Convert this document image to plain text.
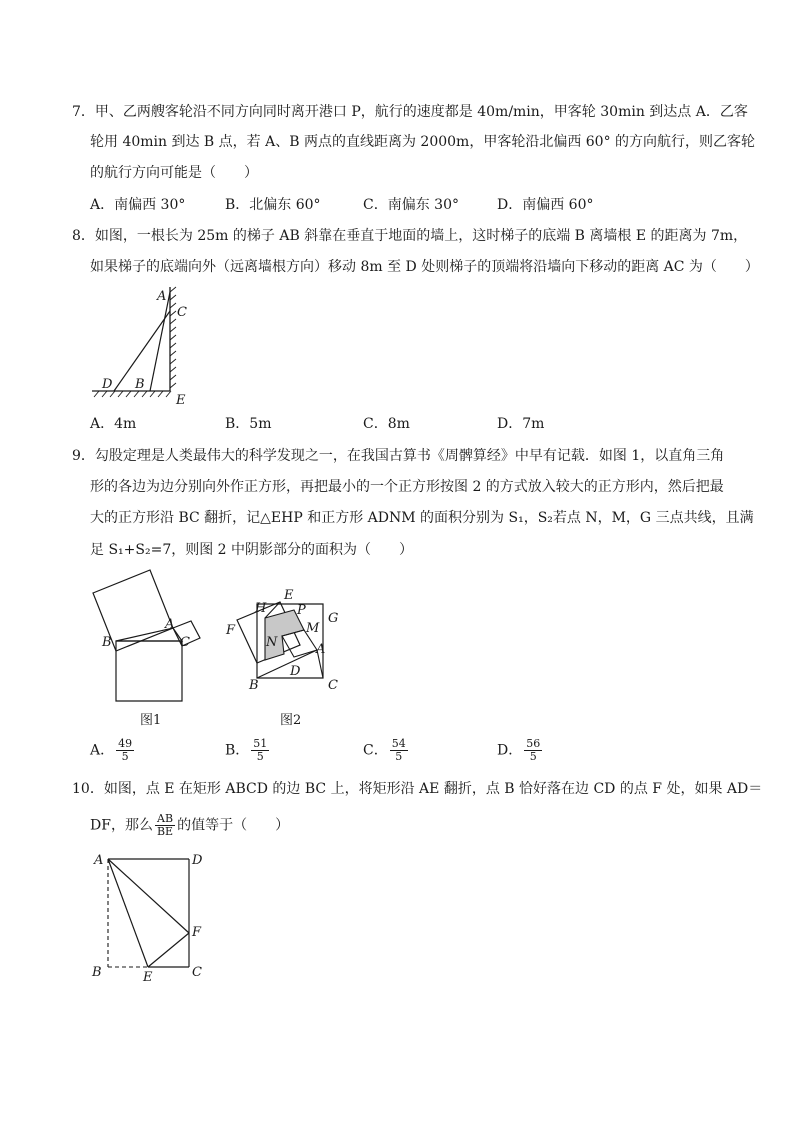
7．甲、乙两艘客轮沿不同方向同时离开港口 P，航行的速度都是 40m/min，甲客轮 30min 到达点 A．乙客
轮用 40min 到达 B 点，若 A、B 两点的直线距离为 2000m，甲客轮沿北偏西 60° 的方向航行，则乙客轮
的航行方向可能是（　　）
A．南偏西 30°	B．北偏东 60°	C．南偏东 30°	D．南偏西 60°
8．如图，一根长为 25m 的梯子 AB 斜靠在垂直于地面的墙上，这时梯子的底端 B 离墙根 E 的距离为 7m，
如果梯子的底端向外（远离墙根方向）移动 8m 至 D 处则梯子的顶端将沿墙向下移动的距离 AC 为（　　）
A
C
D B
E
A．4m	B．5m	C．8m	D．7m
9．勾股定理是人类最伟大的科学发现之一，在我国古算书《周髀算经》中早有记载．如图 1，以直角三角
形的各边为边分别向外作正方形，再把最小的一个正方形按图 2 的方式放入较大的正方形内，然后把最
大的正方形沿 BC 翻折，记△EHP 和正方形 ADNM 的面积分别为 S₁，S₂若点 N，M，G 三点共线，且满
足 S₁+S₂=7，则图 2 中阴影部分的面积为（　　）
A
B	C
图1
H
E
P
G
F	M
N	A
D
B	C
图2
A． $\frac{49}{5}$	B． $\frac{51}{5}$	C． $\frac{54}{5}$	D． $\frac{56}{5}$
10．如图，点 E 在矩形 ABCD 的边 BC 上，将矩形沿 AE 翻折，点 B 恰好落在边 CD 的点 F 处，如果 AD＝
DF，那么 $\frac{AB}{BE}$ 的值等于（　　）
A	D
F
B	E	C
